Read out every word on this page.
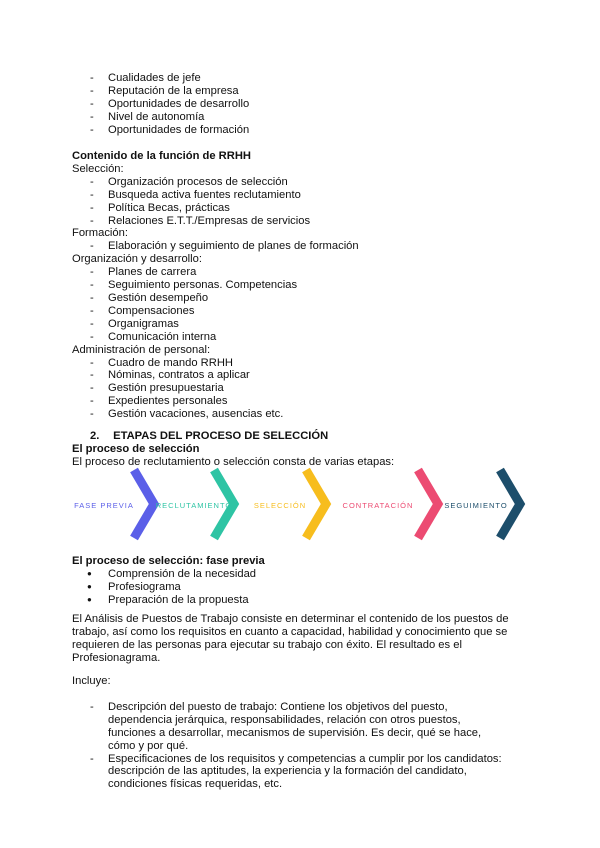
- Cualidades de jefe
- Reputación de la empresa
- Oportunidades de desarrollo
- Nivel de autonomía
- Oportunidades de formación
Contenido de la función de RRHH
Selección:
- Organización procesos de selección
- Busqueda activa fuentes reclutamiento
- Política Becas, prácticas
- Relaciones E.T.T./Empresas de servicios
Formación:
- Elaboración y seguimiento de planes de formación
Organización y desarrollo:
- Planes de carrera
- Seguimiento personas. Competencias
- Gestión desempeño
- Compensaciones
- Organigramas
- Comunicación interna
Administración de personal:
- Cuadro de mando RRHH
- Nóminas, contratos a aplicar
- Gestión presupuestaria
- Expedientes personales
- Gestión vacaciones, ausencias etc.
2. ETAPAS DEL PROCESO DE SELECCIÓN
El proceso de selección
El proceso de reclutamiento o selección consta de varias etapas:
FASE PREVIA	RECLUTAMIENTO	SELECCIÓN	CONTRATACIÓN	SEGUIMIENTO
El proceso de selección: fase previa
● Comprensión de la necesidad
● Profesiograma
● Preparación de la propuesta
El Análisis de Puestos de Trabajo consiste en determinar el contenido de los puestos de trabajo, así como los requisitos en cuanto a capacidad, habilidad y conocimiento que se requieren de las personas para ejecutar su trabajo con éxito. El resultado es el Profesionagrama.
Incluye:
- Descripción del puesto de trabajo: Contiene los objetivos del puesto, dependencia jerárquica, responsabilidades, relación con otros puestos, funciones a desarrollar, mecanismos de supervisión. Es decir, qué se hace, cómo y por qué.
- Especificaciones de los requisitos y competencias a cumplir por los candidatos: descripción de las aptitudes, la experiencia y la formación del candidato, condiciones físicas requeridas, etc.
